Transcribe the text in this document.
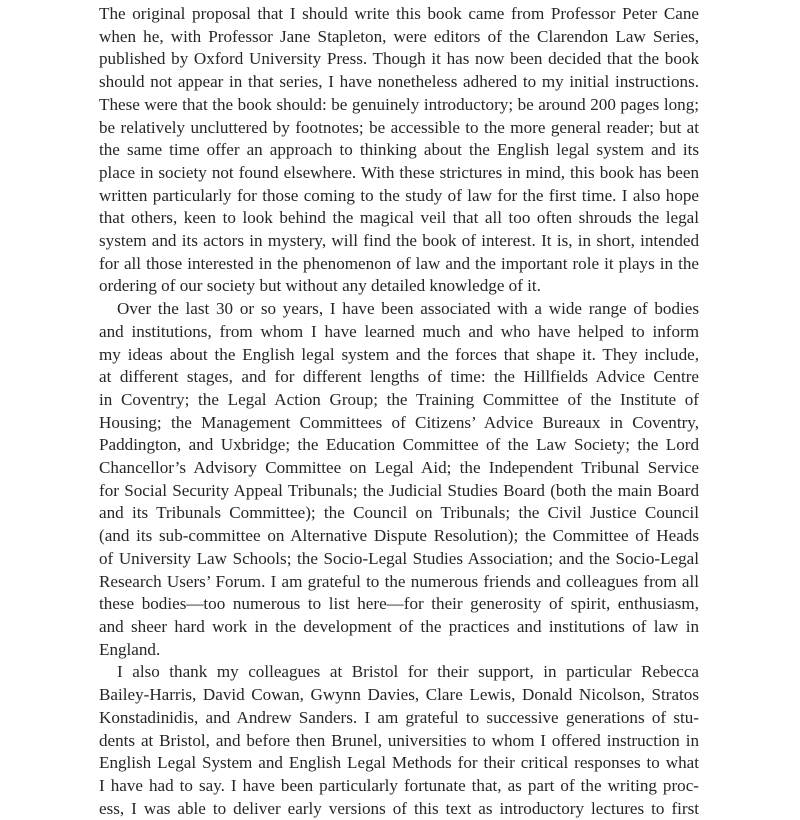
The original proposal that I should write this book came from Professor Peter Cane
when he, with Professor Jane Stapleton, were editors of the Clarendon Law Series,
published by Oxford University Press. Though it has now been decided that the book
should not appear in that series, I have nonetheless adhered to my initial instructions.
These were that the book should: be genuinely introductory; be around 200 pages long;
be relatively uncluttered by footnotes; be accessible to the more general reader; but at
the same time offer an approach to thinking about the English legal system and its
place in society not found elsewhere. With these strictures in mind, this book has been
written particularly for those coming to the study of law for the first time. I also hope
that others, keen to look behind the magical veil that all too often shrouds the legal
system and its actors in mystery, will find the book of interest. It is, in short, intended
for all those interested in the phenomenon of law and the important role it plays in the
ordering of our society but without any detailed knowledge of it.

Over the last 30 or so years, I have been associated with a wide range of bodies
and institutions, from whom I have learned much and who have helped to inform
my ideas about the English legal system and the forces that shape it. They include,
at different stages, and for different lengths of time: the Hillfields Advice Centre
in Coventry; the Legal Action Group; the Training Committee of the Institute of
Housing; the Management Committees of Citizens’ Advice Bureaux in Coventry,
Paddington, and Uxbridge; the Education Committee of the Law Society; the Lord
Chancellor’s Advisory Committee on Legal Aid; the Independent Tribunal Service
for Social Security Appeal Tribunals; the Judicial Studies Board (both the main Board
and its Tribunals Committee); the Council on Tribunals; the Civil Justice Council
(and its sub-committee on Alternative Dispute Resolution); the Committee of Heads
of University Law Schools; the Socio-Legal Studies Association; and the Socio-Legal
Research Users’ Forum. I am grateful to the numerous friends and colleagues from all
these bodies—too numerous to list here—for their generosity of spirit, enthusiasm,
and sheer hard work in the development of the practices and institutions of law in
England.

I also thank my colleagues at Bristol for their support, in particular Rebecca
Bailey-Harris, David Cowan, Gwynn Davies, Clare Lewis, Donald Nicolson, Stratos
Konstadinidis, and Andrew Sanders. I am grateful to successive generations of stu-
dents at Bristol, and before then Brunel, universities to whom I offered instruction in
English Legal System and English Legal Methods for their critical responses to what
I have had to say. I have been particularly fortunate that, as part of the writing proc-
ess, I was able to deliver early versions of this text as introductory lectures to first
